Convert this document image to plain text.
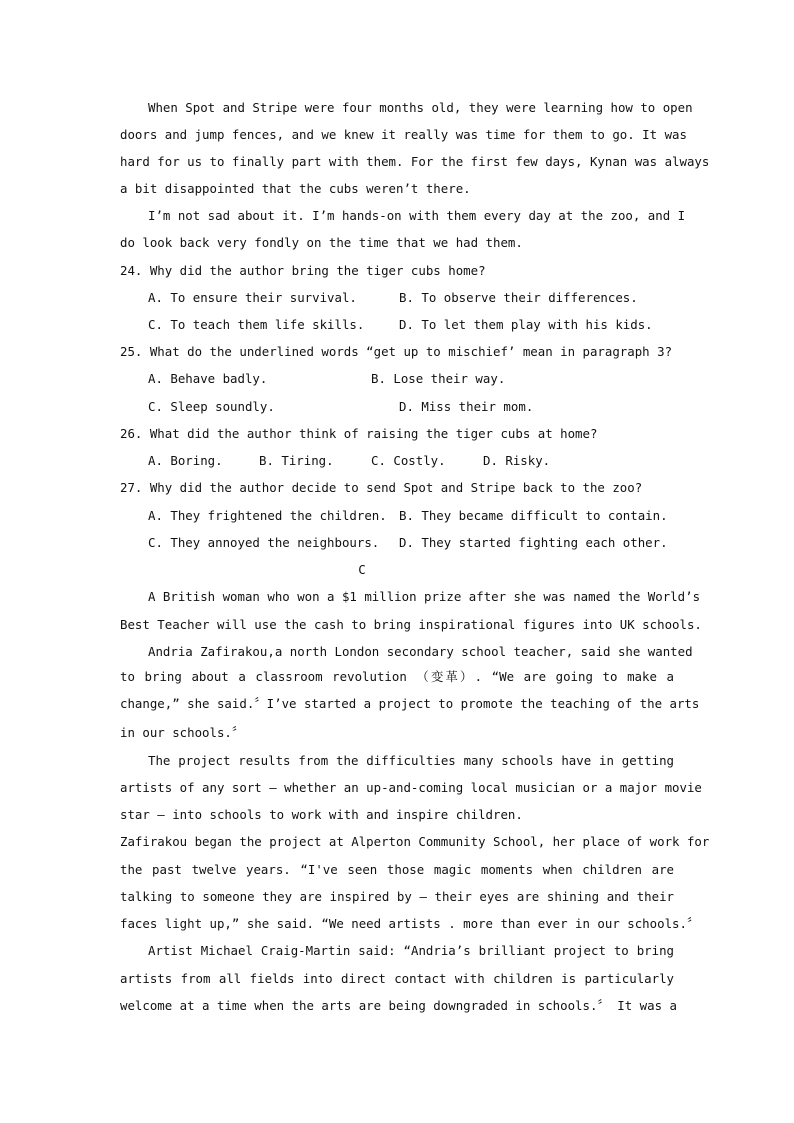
When Spot and Stripe were four months old, they were learning how to open
doors and jump fences, and we knew it really was time for them to go. It was
hard for us to finally part with them. For the first few days, Kynan was always
a bit disappointed that the cubs weren’t there.
I’m not sad about it. I’m hands-on with them every day at the zoo, and I
do look back very fondly on the time that we had them.
24. Why did the author bring the tiger cubs home?
A. To ensure their survival.	B. To observe their differences.
C. To teach them life skills.	D. To let them play with his kids.
25. What do the underlined words “get up to mischief’ mean in paragraph 3?
A. Behave badly.	B. Lose their way.
C. Sleep soundly.	D. Miss their mom.
26. What did the author think of raising the tiger cubs at home?
A. Boring.	B. Tiring.	C. Costly.	D. Risky.
27. Why did the author decide to send Spot and Stripe back to the zoo?
A. They frightened the children. B. They became difficult to contain.
C. They annoyed the neighbours. D. They started fighting each other.
C
A British woman who won a $1 million prize after she was named the World’s
Best Teacher will use the cash to bring inspirational figures into UK schools.
Andria Zafirakou,a north London secondary school teacher, said she wanted
to bring about a classroom revolution （变革）. “We are going to make a
change,” she said.〞I’ve started a project to promote the teaching of the arts
in our schools.〞
The project results from the difficulties many schools have in getting
artists of any sort — whether an up-and-coming local musician or a major movie
star — into schools to work with and inspire children.
Zafirakou began the project at Alperton Community School, her place of work for
the past twelve years. “I've seen those magic moments when children are
talking to someone they are inspired by — their eyes are shining and their
faces light up,” she said. “We need artists . more than ever in our schools.〞
Artist Michael Craig-Martin said: “Andria’s brilliant project to bring
artists from all fields into direct contact with children is particularly
welcome at a time when the arts are being downgraded in schools.〞 It was a
